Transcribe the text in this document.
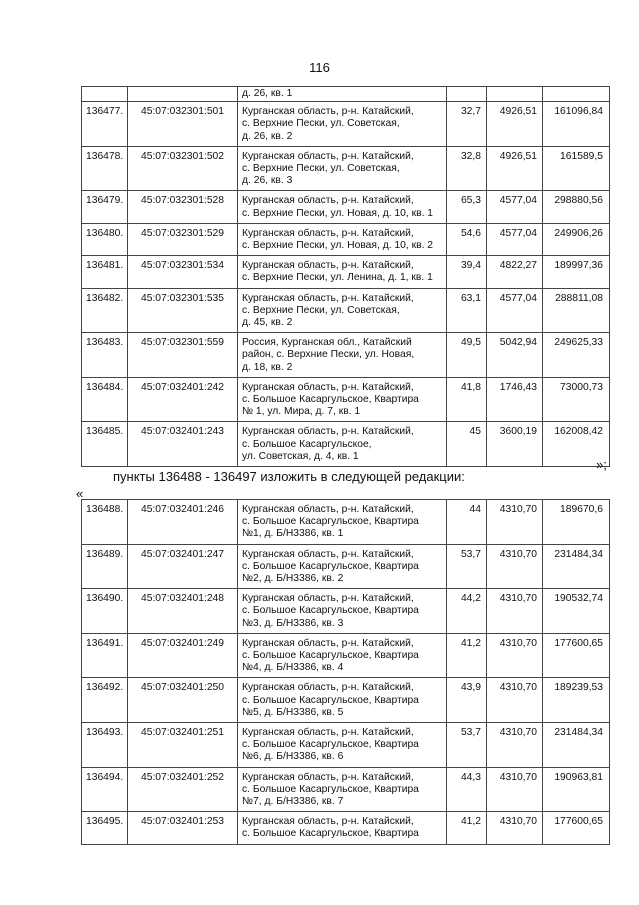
116
		д. 26, кв. 1			
136477.	45:07:032301:501	Курганская область, р-н. Катайский,
с. Верхние Пески, ул. Советская,
д. 26, кв. 2	32,7	4926,51	161096,84
136478.	45:07:032301:502	Курганская область, р-н. Катайский,
с. Верхние Пески, ул. Советская,
д. 26, кв. 3	32,8	4926,51	161589,5
136479.	45:07:032301:528	Курганская область, р-н. Катайский,
с. Верхние Пески, ул. Новая, д. 10, кв. 1	65,3	4577,04	298880,56
136480.	45:07:032301:529	Курганская область, р-н. Катайский,
с. Верхние Пески, ул. Новая, д. 10, кв. 2	54,6	4577,04	249906,26
136481.	45:07:032301:534	Курганская область, р-н. Катайский,
с. Верхние Пески, ул. Ленина, д. 1, кв. 1	39,4	4822,27	189997,36
136482.	45:07:032301:535	Курганская область, р-н. Катайский,
с. Верхние Пески, ул. Советская,
д. 45, кв. 2	63,1	4577,04	288811,08
136483.	45:07:032301:559	Россия, Курганская обл., Катайский
район, с. Верхние Пески, ул. Новая,
д. 18, кв. 2	49,5	5042,94	249625,33
136484.	45:07:032401:242	Курганская область, р-н. Катайский,
с. Большое Касаргульское, Квартира
№ 1, ул. Мира, д. 7, кв. 1	41,8	1746,43	73000,73
136485.	45:07:032401:243	Курганская область, р-н. Катайский,
с. Большое Касаргульское,
ул. Советская, д. 4, кв. 1	45	3600,19	162008,42
»;
пункты 136488 - 136497 изложить в следующей редакции:
«
136488.	45:07:032401:246	Курганская область, р-н. Катайский,
с. Большое Касаргульское, Квартира
№1, д. Б/Н3386, кв. 1	44	4310,70	189670,6
136489.	45:07:032401:247	Курганская область, р-н. Катайский,
с. Большое Касаргульское, Квартира
№2, д. Б/Н3386, кв. 2	53,7	4310,70	231484,34
136490.	45:07:032401:248	Курганская область, р-н. Катайский,
с. Большое Касаргульское, Квартира
№3, д. Б/Н3386, кв. 3	44,2	4310,70	190532,74
136491.	45:07:032401:249	Курганская область, р-н. Катайский,
с. Большое Касаргульское, Квартира
№4, д. Б/Н3386, кв. 4	41,2	4310,70	177600,65
136492.	45:07:032401:250	Курганская область, р-н. Катайский,
с. Большое Касаргульское, Квартира
№5, д. Б/Н3386, кв. 5	43,9	4310,70	189239,53
136493.	45:07:032401:251	Курганская область, р-н. Катайский,
с. Большое Касаргульское, Квартира
№6, д. Б/Н3386, кв. 6	53,7	4310,70	231484,34
136494.	45:07:032401:252	Курганская область, р-н. Катайский,
с. Большое Касаргульское, Квартира
№7, д. Б/Н3386, кв. 7	44,3	4310,70	190963,81
136495.	45:07:032401:253	Курганская область, р-н. Катайский,
с. Большое Касаргульское, Квартира	41,2	4310,70	177600,65
